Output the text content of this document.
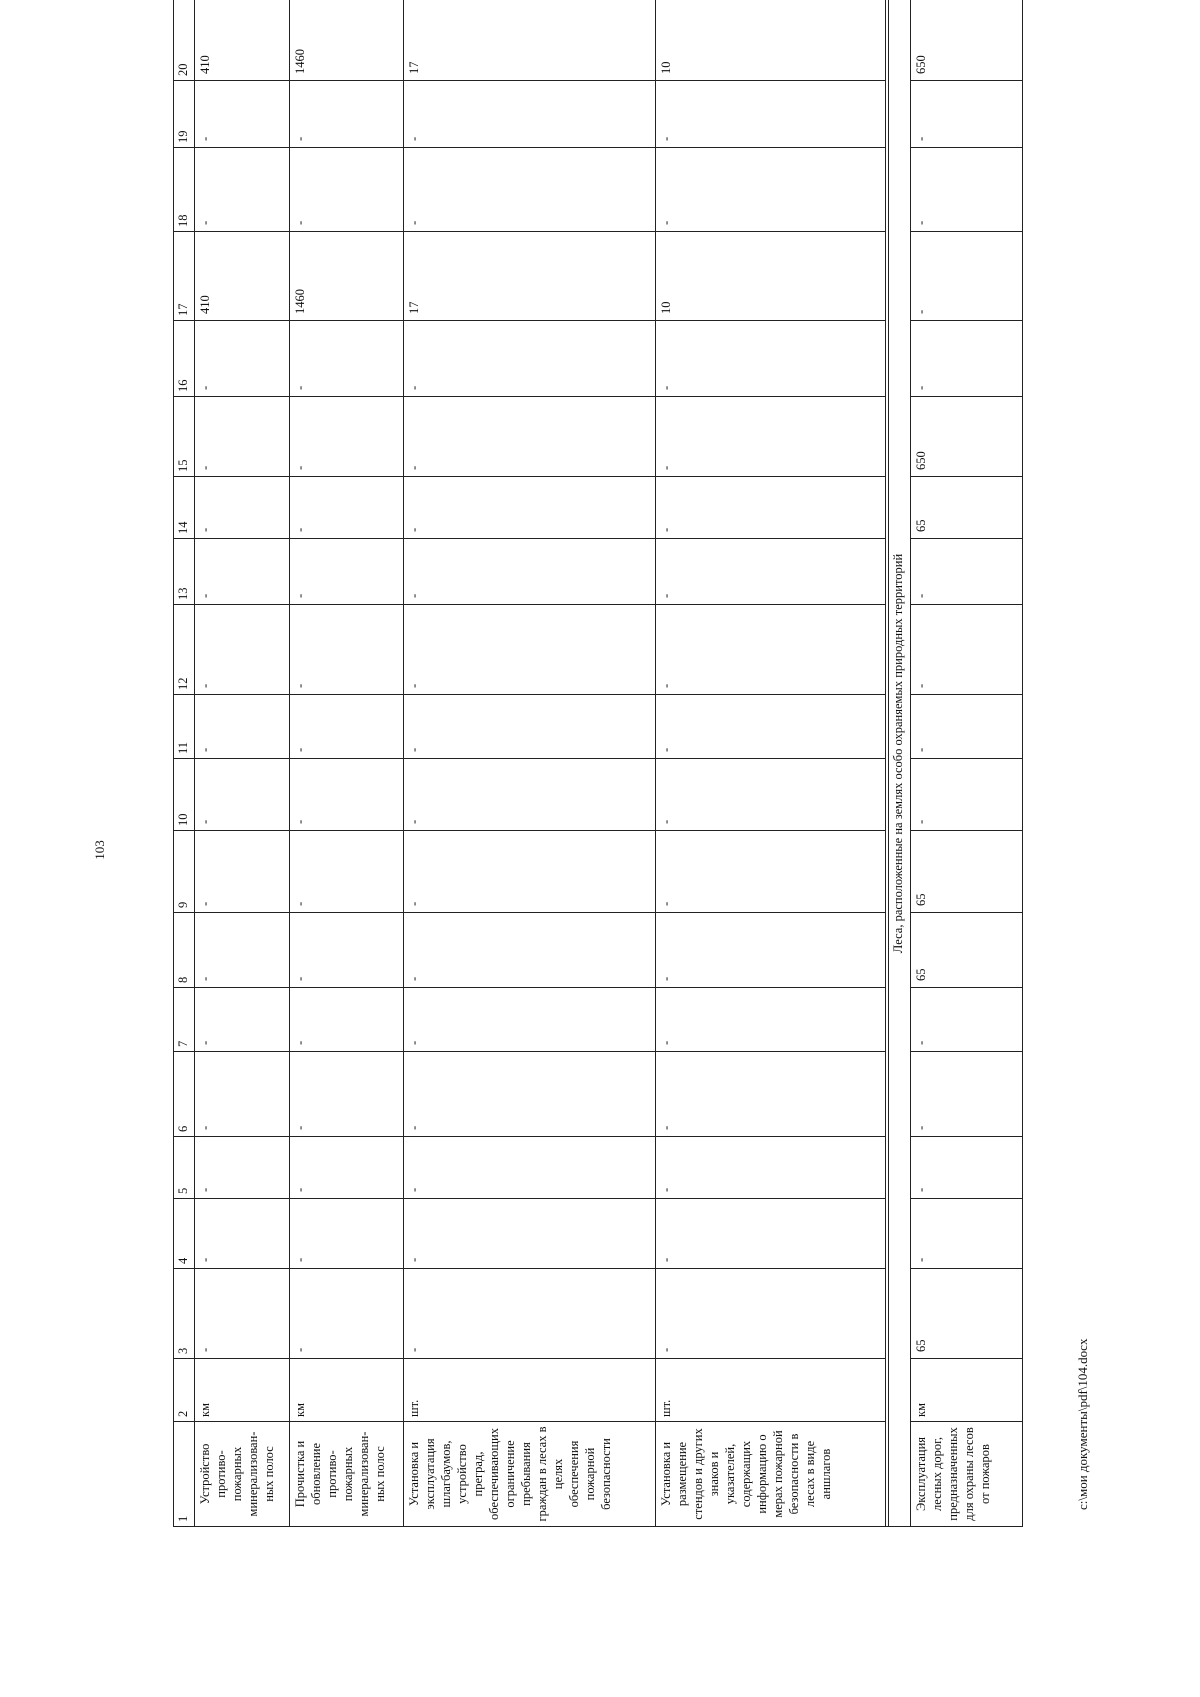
103
c:\мои документы\pdf\104.docx
1	2	3	4	5	6	7	8	9	10	11	12	13	14	15	16	17	18	19	20
Устройство противо-пожарных минерализован-ных полос	км	-	-	-	-	-	-	-	-	-	-	-	-	-	-	410	-	-	410
Прочистка и обновление противо-пожарных минерализован-ных полос	км	-	-	-	-	-	-	-	-	-	-	-	-	-	-	1460	-	-	1460
Установка и эксплуатация шлагбаумов, устройство преград, обеспечивающих ограничение пребывания граждан в лесах в целях обеспечения пожарной безопасности	шт.	-	-	-	-	-	-	-	-	-	-	-	-	-	-	17	-	-	17
Установка и размещение стендов и других знаков и указателей, содержащих информацию о мерах пожарной безопасности в лесах в виде аншлагов	шт.	-	-	-	-	-	-	-	-	-	-	-	-	-	-	10	-	-	10

Леса, расположенные на землях особо охраняемых природных территорий																			
Эксплуатация лесных дорог, предназначенных для охраны лесов от пожаров	км	65	-	-	-	-	65	65	-	-	-	-	65	650	-	-	-	-	650
